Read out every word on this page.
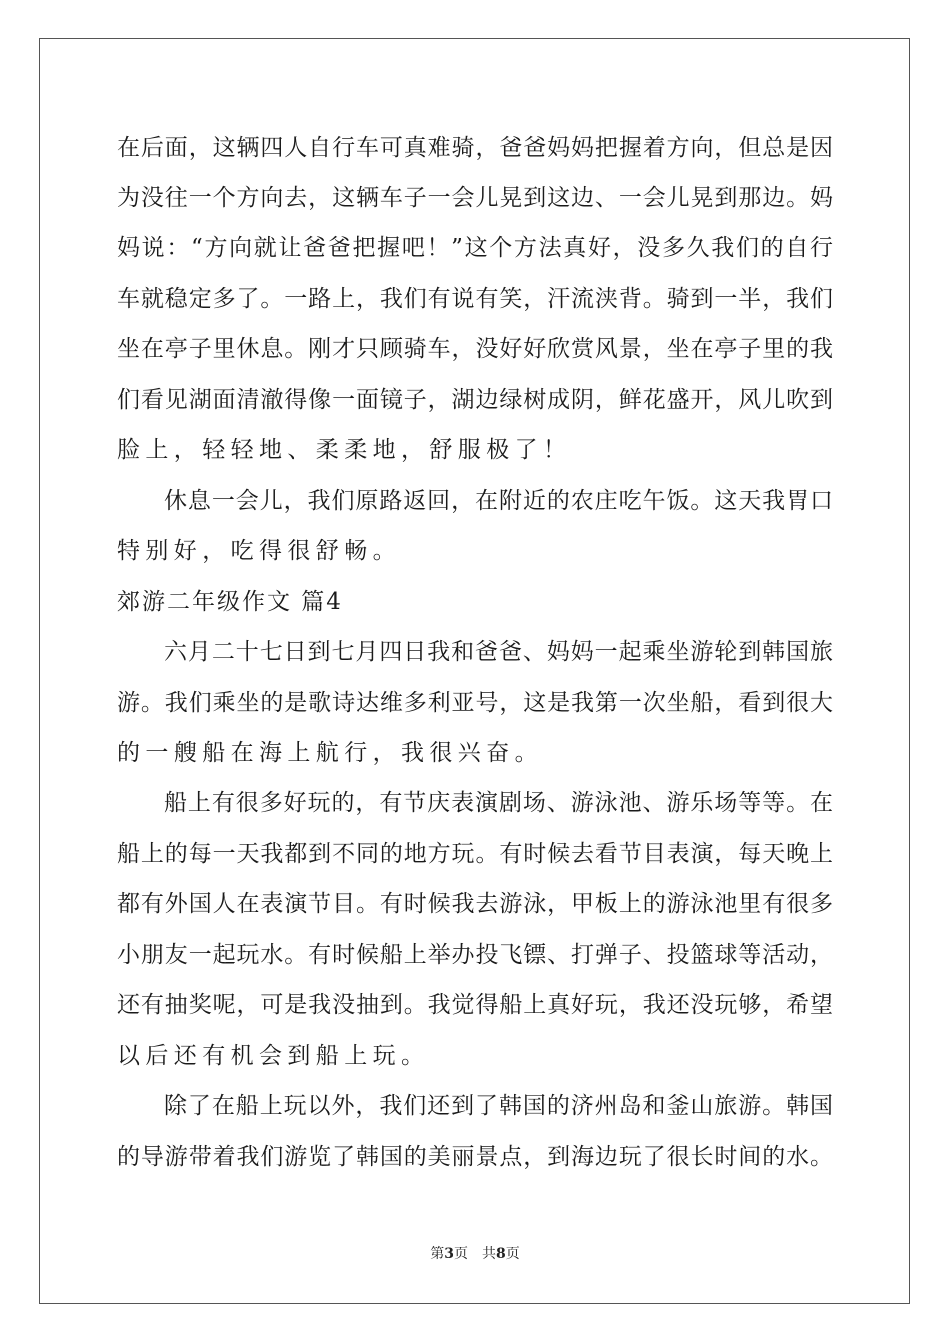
在后面，这辆四人自行车可真难骑，爸爸妈妈把握着方向，但总是因
为没往一个方向去，这辆车子一会儿晃到这边、一会儿晃到那边。妈
妈说：“方向就让爸爸把握吧！”这个方法真好，没多久我们的自行
车就稳定多了。一路上，我们有说有笑，汗流浃背。骑到一半，我们
坐在亭子里休息。刚才只顾骑车，没好好欣赏风景，坐在亭子里的我
们看见湖面清澈得像一面镜子，湖边绿树成阴，鲜花盛开，风儿吹到
脸上，轻轻地、柔柔地，舒服极了！
休息一会儿，我们原路返回，在附近的农庄吃午饭。这天我胃口
特别好，吃得很舒畅。
郊游二年级作文 篇4
六月二十七日到七月四日我和爸爸、妈妈一起乘坐游轮到韩国旅
游。我们乘坐的是歌诗达维多利亚号，这是我第一次坐船，看到很大
的一艘船在海上航行，我很兴奋。
船上有很多好玩的，有节庆表演剧场、游泳池、游乐场等等。在
船上的每一天我都到不同的地方玩。有时候去看节目表演，每天晚上
都有外国人在表演节目。有时候我去游泳，甲板上的游泳池里有很多
小朋友一起玩水。有时候船上举办投飞镖、打弹子、投篮球等活动，
还有抽奖呢，可是我没抽到。我觉得船上真好玩，我还没玩够，希望
以后还有机会到船上玩。
除了在船上玩以外，我们还到了韩国的济州岛和釜山旅游。韩国
的导游带着我们游览了韩国的美丽景点，到海边玩了很长时间的水。
第3页 共8页
